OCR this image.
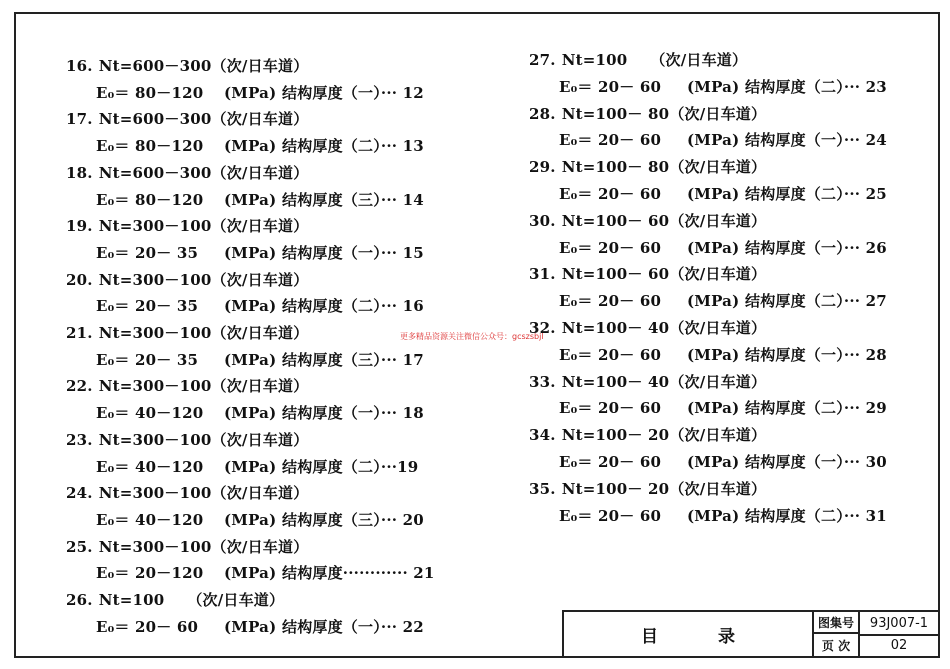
16. Nt=600－300（次/日车道）
E₀＝ 80－120 (MPa) 结构厚度（一）··· 12
17. Nt=600－300（次/日车道）
E₀＝ 80－120 (MPa) 结构厚度（二）··· 13
18. Nt=600－300（次/日车道）
E₀＝ 80－120 (MPa) 结构厚度（三）··· 14
19. Nt=300－100（次/日车道）
E₀＝ 20－ 35 (MPa) 结构厚度（一）··· 15
20. Nt=300－100（次/日车道）
E₀＝ 20－ 35 (MPa) 结构厚度（二）··· 16
21. Nt=300－100（次/日车道）
E₀＝ 20－ 35 (MPa) 结构厚度（三）··· 17
22. Nt=300－100（次/日车道）
E₀＝ 40－120 (MPa) 结构厚度（一）··· 18
23. Nt=300－100（次/日车道）
E₀＝ 40－120 (MPa) 结构厚度（二）···19
24. Nt=300－100（次/日车道）
E₀＝ 40－120 (MPa) 结构厚度（三）··· 20
25. Nt=300－100（次/日车道）
E₀＝ 20－120 (MPa) 结构厚度············ 21
26. Nt=100　　（次/日车道）
E₀＝ 20－ 60 (MPa) 结构厚度（一）··· 22
27. Nt=100　　（次/日车道）
E₀＝ 20－ 60 (MPa) 结构厚度（二）··· 23
28. Nt=100－ 80（次/日车道）
E₀＝ 20－ 60 (MPa) 结构厚度（一）··· 24
29. Nt=100－ 80（次/日车道）
E₀＝ 20－ 60 (MPa) 结构厚度（二）··· 25
30. Nt=100－ 60（次/日车道）
E₀＝ 20－ 60 (MPa) 结构厚度（一）··· 26
31. Nt=100－ 60（次/日车道）
E₀＝ 20－ 60 (MPa) 结构厚度（二）··· 27
32. Nt=100－ 40（次/日车道）
E₀＝ 20－ 60 (MPa) 结构厚度（一）··· 28
33. Nt=100－ 40（次/日车道）
E₀＝ 20－ 60 (MPa) 结构厚度（二）··· 29
34. Nt=100－ 20（次/日车道）
E₀＝ 20－ 60 (MPa) 结构厚度（一）··· 30
35. Nt=100－ 20（次/日车道）
E₀＝ 20－ 60 (MPa) 结构厚度（二）··· 31
更多精品资源关注微信公众号：gcszsbjl
目录
图集号	93J007-1
页 次	02
